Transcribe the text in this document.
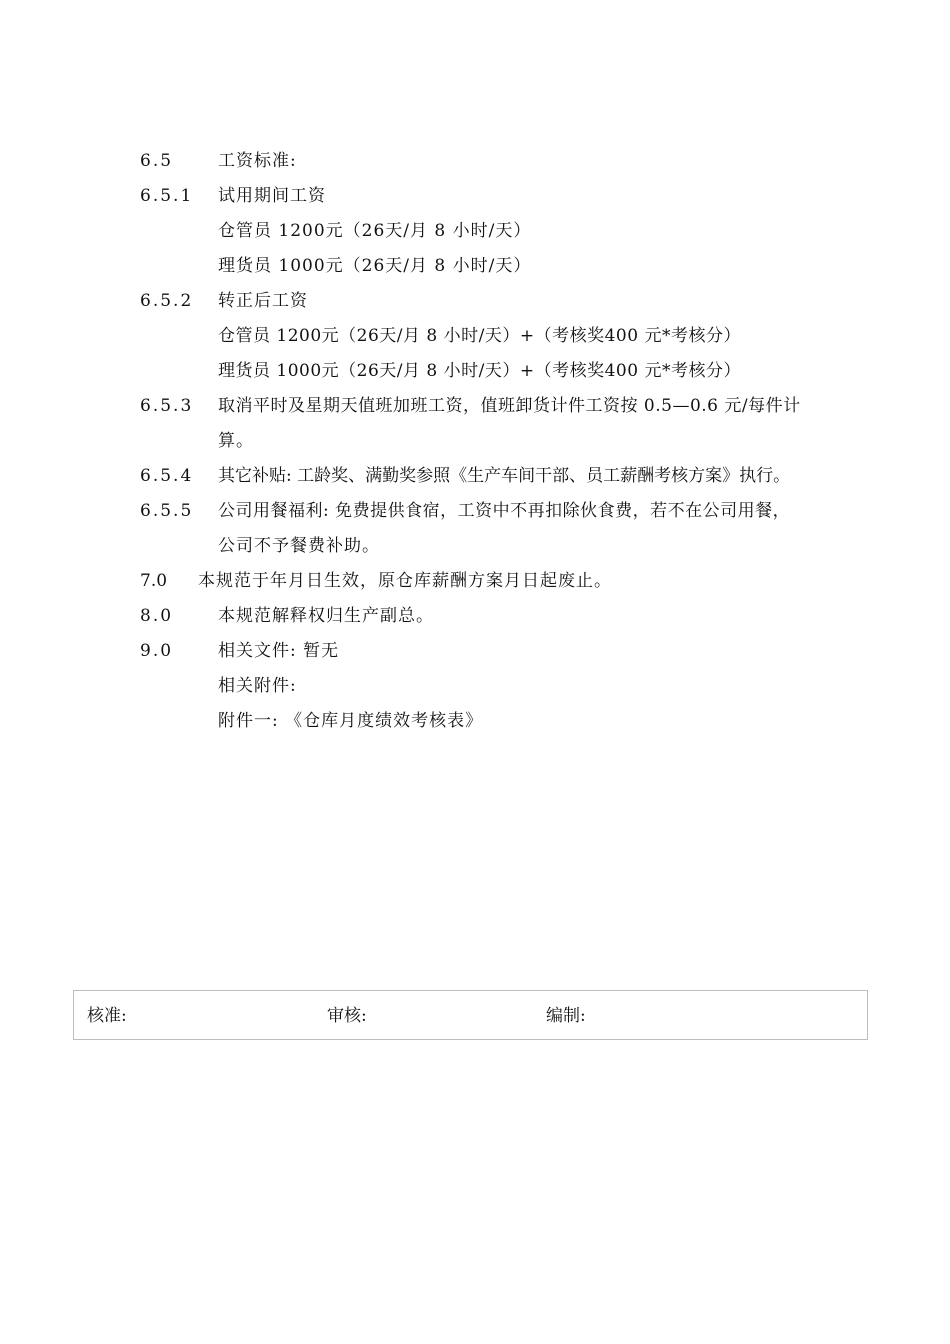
6.5	工资标准:
6.5.1 试用期间工资
仓管员 1200元（26天/月 8 小时/天）
理货员 1000元（26天/月 8 小时/天）
6.5.2 转正后工资
仓管员 1200元（26天/月 8 小时/天）+（考核奖400 元*考核分）
理货员 1000元（26天/月 8 小时/天）+（考核奖400 元*考核分）
6.5.3 取消平时及星期天值班加班工资，值班卸货计件工资按 0.5—0.6 元/每件计
算。
6.5.4 其它补贴: 工龄奖、满勤奖参照《生产车间干部、员工薪酬考核方案》执行。
6.5.5 公司用餐福利: 免费提供食宿，工资中不再扣除伙食费，若不在公司用餐，
公司不予餐费补助。
7.0 本规范于年月日生效，原仓库薪酬方案月日起废止。
8.0	本规范解释权归生产副总。
9.0	相关文件: 暂无
相关附件:
附件一: 《仓库月度绩效考核表》
核准:	审核:	编制:
